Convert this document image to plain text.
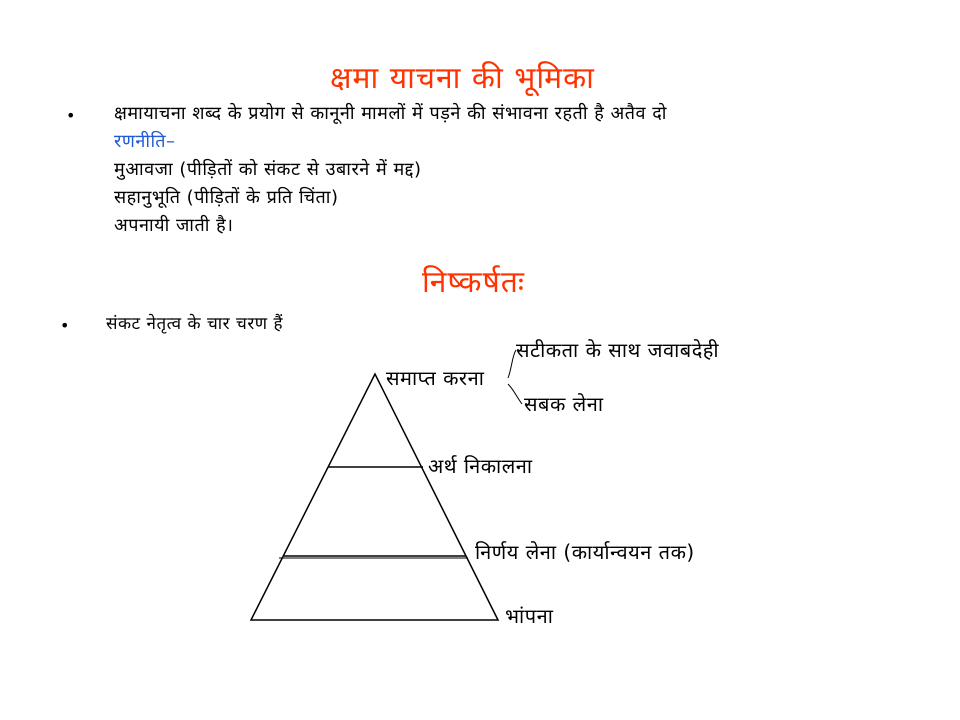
क्षमा याचना की भूमिका
• क्षमायाचना शब्द के प्रयोग से कानूनी मामलों में पड़ने की संभावना रहती है अतैव दो
रणनीति–
मुआवजा (पीड़ितों को संकट से उबारने में मद्द)
सहानुभूति (पीड़ितों के प्रति चिंता)
अपनायी जाती है।
निष्कर्षतः
• संकट नेतृत्व के चार चरण हैं
समाप्त करना
सटीकता के साथ जवाबदेही
सबक लेना
अर्थ निकालना
निर्णय लेना (कार्यान्वयन तक)
भांपना
